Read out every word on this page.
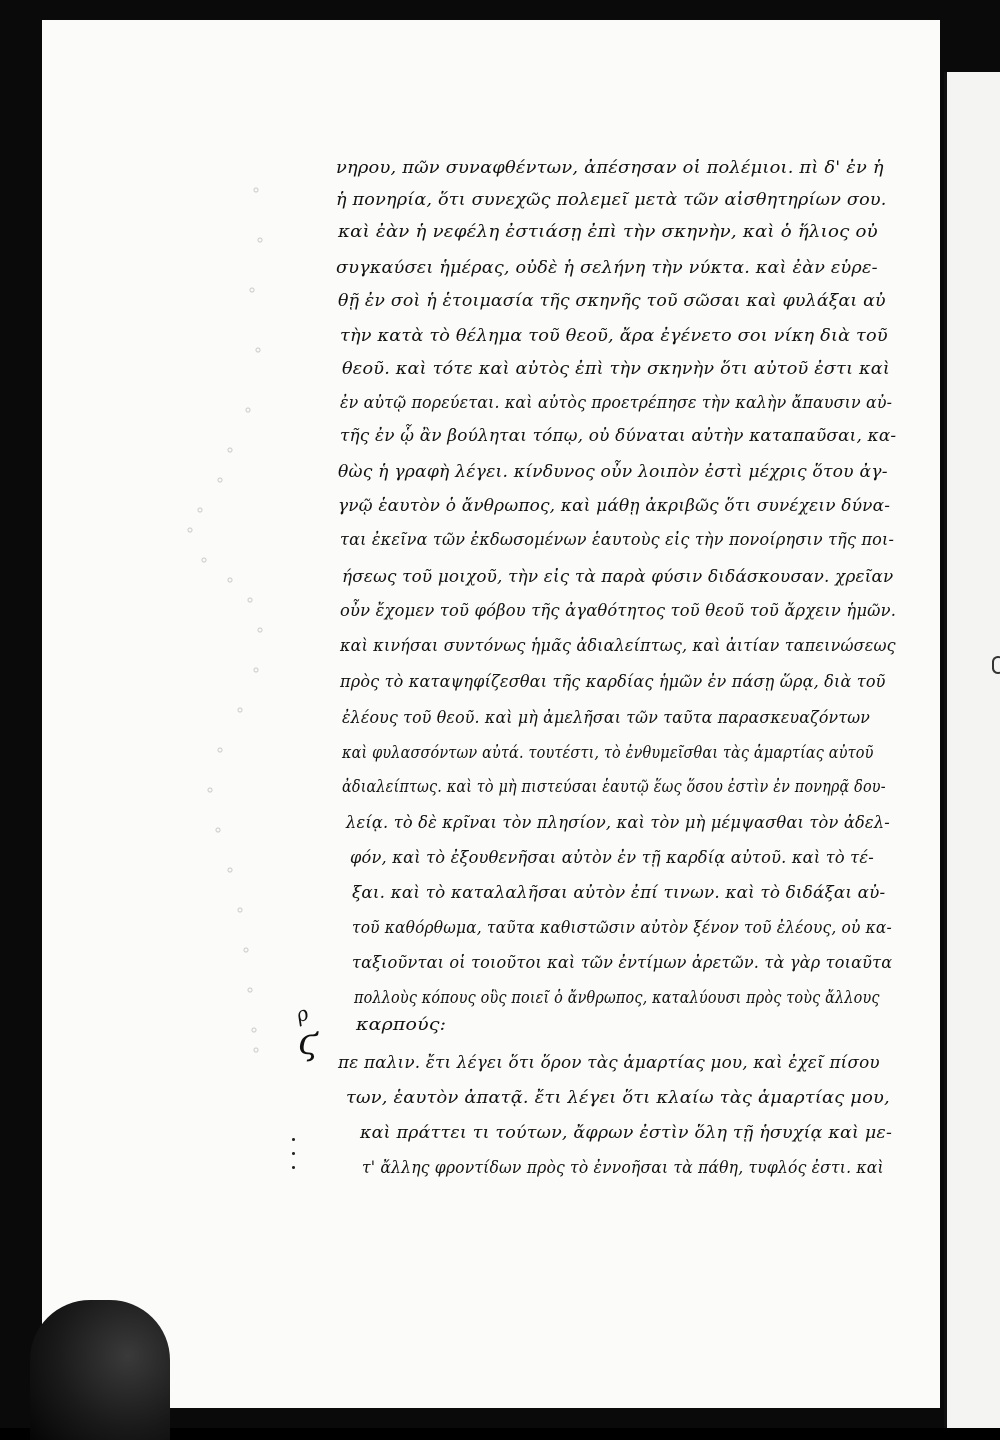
νηρου, πῶν συναφθέντων, ἀπέσησαν οἱ πολέμιοι. πὶ δ' ἐν ἡ
ἡ πονηρία, ὅτι συνεχῶς πολεμεῖ μετὰ τῶν αἰσθητηρίων σου.
καὶ ἐὰν ἡ νεφέλη ἐστιάσῃ ἐπὶ τὴν σκηνὴν, καὶ ὁ ἥλιος οὐ
συγκαύσει ἡμέρας, οὐδὲ ἡ σελήνη τὴν νύκτα. καὶ ἐὰν εὑρε-
θῇ ἐν σοὶ ἡ ἑτοιμασία τῆς σκηνῆς τοῦ σῶσαι καὶ φυλάξαι αὐ
τὴν κατὰ τὸ θέλημα τοῦ θεοῦ, ἄρα ἐγένετο σοι νίκη διὰ τοῦ
θεοῦ. καὶ τότε καὶ αὐτὸς ἐπὶ τὴν σκηνὴν ὅτι αὐτοῦ ἐστι καὶ
ἐν αὐτῷ πορεύεται. καὶ αὐτὸς προετρέπησε τὴν καλὴν ἄπαυσιν αὐ-
τῆς ἐν ᾧ ἂν βούληται τόπῳ, οὐ δύναται αὐτὴν καταπαῦσαι, κα-
θὼς ἡ γραφὴ λέγει. κίνδυνος οὖν λοιπὸν ἐστὶ μέχρις ὅτου ἀγ-
γνῷ ἑαυτὸν ὁ ἄνθρωπος, καὶ μάθῃ ἀκριβῶς ὅτι συνέχειν δύνα-
ται ἐκεῖνα τῶν ἐκδωσομένων ἑαυτοὺς εἰς τὴν πονοίρησιν τῆς ποι-
ήσεως τοῦ μοιχοῦ, τὴν εἰς τὰ παρὰ φύσιν διδάσκουσαν. χρεῖαν
οὖν ἔχομεν τοῦ φόβου τῆς ἀγαθότητος τοῦ θεοῦ τοῦ ἄρχειν ἡμῶν.
καὶ κινήσαι συντόνως ἡμᾶς ἀδιαλείπτως, καὶ ἀιτίαν ταπεινώσεως
πρὸς τὸ καταψηφίζεσθαι τῆς καρδίας ἡμῶν ἐν πάσῃ ὥρᾳ, διὰ τοῦ
ἐλέους τοῦ θεοῦ. καὶ μὴ ἀμελῆσαι τῶν ταῦτα παρασκευαζόντων
καὶ φυλασσόντων αὐτά. τουτέστι, τὸ ἐνθυμεῖσθαι τὰς ἁμαρτίας αὐτοῦ
ἀδιαλείπτως. καὶ τὸ μὴ πιστεύσαι ἑαυτῷ ἕως ὅσου ἐστὶν ἐν πονηρᾷ δου-
λείᾳ. τὸ δὲ κρῖναι τὸν πλησίον, καὶ τὸν μὴ μέμψασθαι τὸν ἀδελ-
φόν, καὶ τὸ ἐξουθενῆσαι αὐτὸν ἐν τῇ καρδίᾳ αὐτοῦ. καὶ τὸ τέ-
ξαι. καὶ τὸ καταλαλῆσαι αὐτὸν ἐπί τινων. καὶ τὸ διδάξαι αὐ-
τοῦ καθόρθωμα, ταῦτα καθιστῶσιν αὐτὸν ξένον τοῦ ἐλέους, οὐ κα-
ταξιοῦνται οἱ τοιοῦτοι καὶ τῶν ἐντίμων ἀρετῶν. τὰ γὰρ τοιαῦτα
πολλοὺς κόπους οὓς ποιεῖ ὁ ἄνθρωπος, καταλύουσι πρὸς τοὺς ἄλλους
καρπούς:
πε παλιν. ἔτι λέγει ὅτι ὅρον τὰς ἁμαρτίας μου, καὶ ἐχεῖ πίσου
των, ἑαυτὸν ἀπατᾷ. ἔτι λέγει ὅτι κλαίω τὰς ἁμαρτίας μου,
καὶ πράττει τι τούτων, ἄφρων ἐστὶν ὅλη τῇ ἡσυχίᾳ καὶ με-
τ' ἄλλης φροντίδων πρὸς τὸ ἐννοῆσαι τὰ πάθη, τυφλός ἐστι. καὶ
ρ
ϛ
